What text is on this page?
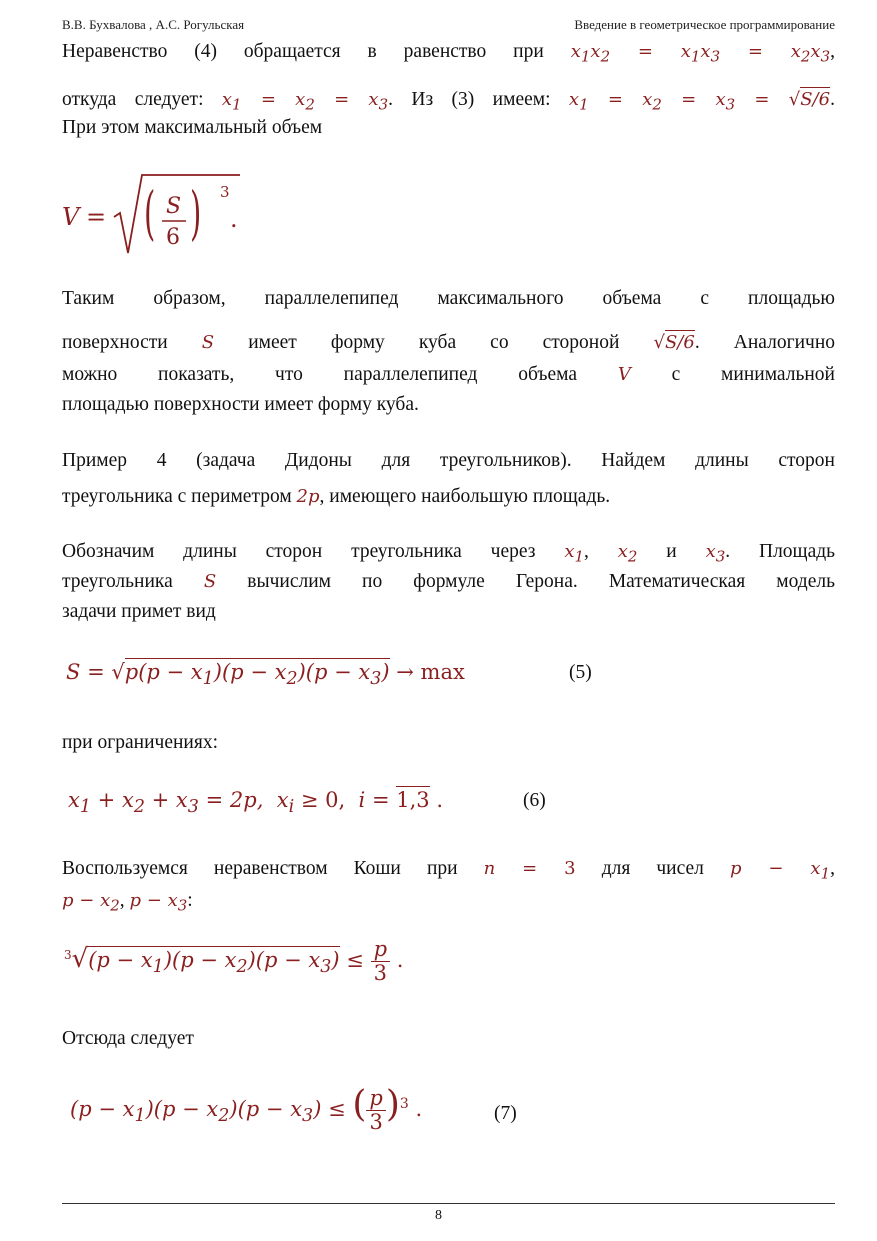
В.В. Бухвалова , А.С. Рогульская	Введение в геометрическое программирование
Неравенство (4) обращается в равенство при $x_1x_2 = x_1x_3 = x_2x_3$,
откуда следует: $x_1 = x_2 = x_3$. Из (3) имеем: $x_1 = x_2 = x_3 = √S/6$.
При этом максимальный объем
V = ( S
6 ) 3
.
Таким образом, параллелепипед максимального объема с площадью
поверхности S имеет форму куба со стороной √S/6. Аналогично
можно показать, что параллелепипед объема V с минимальной
площадью поверхности имеет форму куба.
Пример 4 (задача Дидоны для треугольников). Найдем длины сторон
треугольника с периметром 2p, имеющего наибольшую площадь.
Обозначим длины сторон треугольника через $x_1$, $x_2$ и $x_3$. Площадь
треугольника S вычислим по формуле Герона. Математическая модель
задачи примет вид
$S = √p(p - x_1)(p - x_2)(p - x_3) \to \max$	(5)
при ограничениях:
$x_1 + x_2 + x_3 = 2p$,  $x_i \ge 0$,  i = 1,3 .	(6)
Воспользуемся неравенством Коши при n = 3 для чисел $p - x_1$,
$p - x_2$, $p - x_3$:
$^3√(p - x_1)(p - x_2)(p - x_3) \le \frac{p}{3}$ .
Отсюда следует
$(p - x_1)(p - x_2)(p - x_3)$ ≤ ( $\frac{p}{3} )^3$ .	(7)
8
